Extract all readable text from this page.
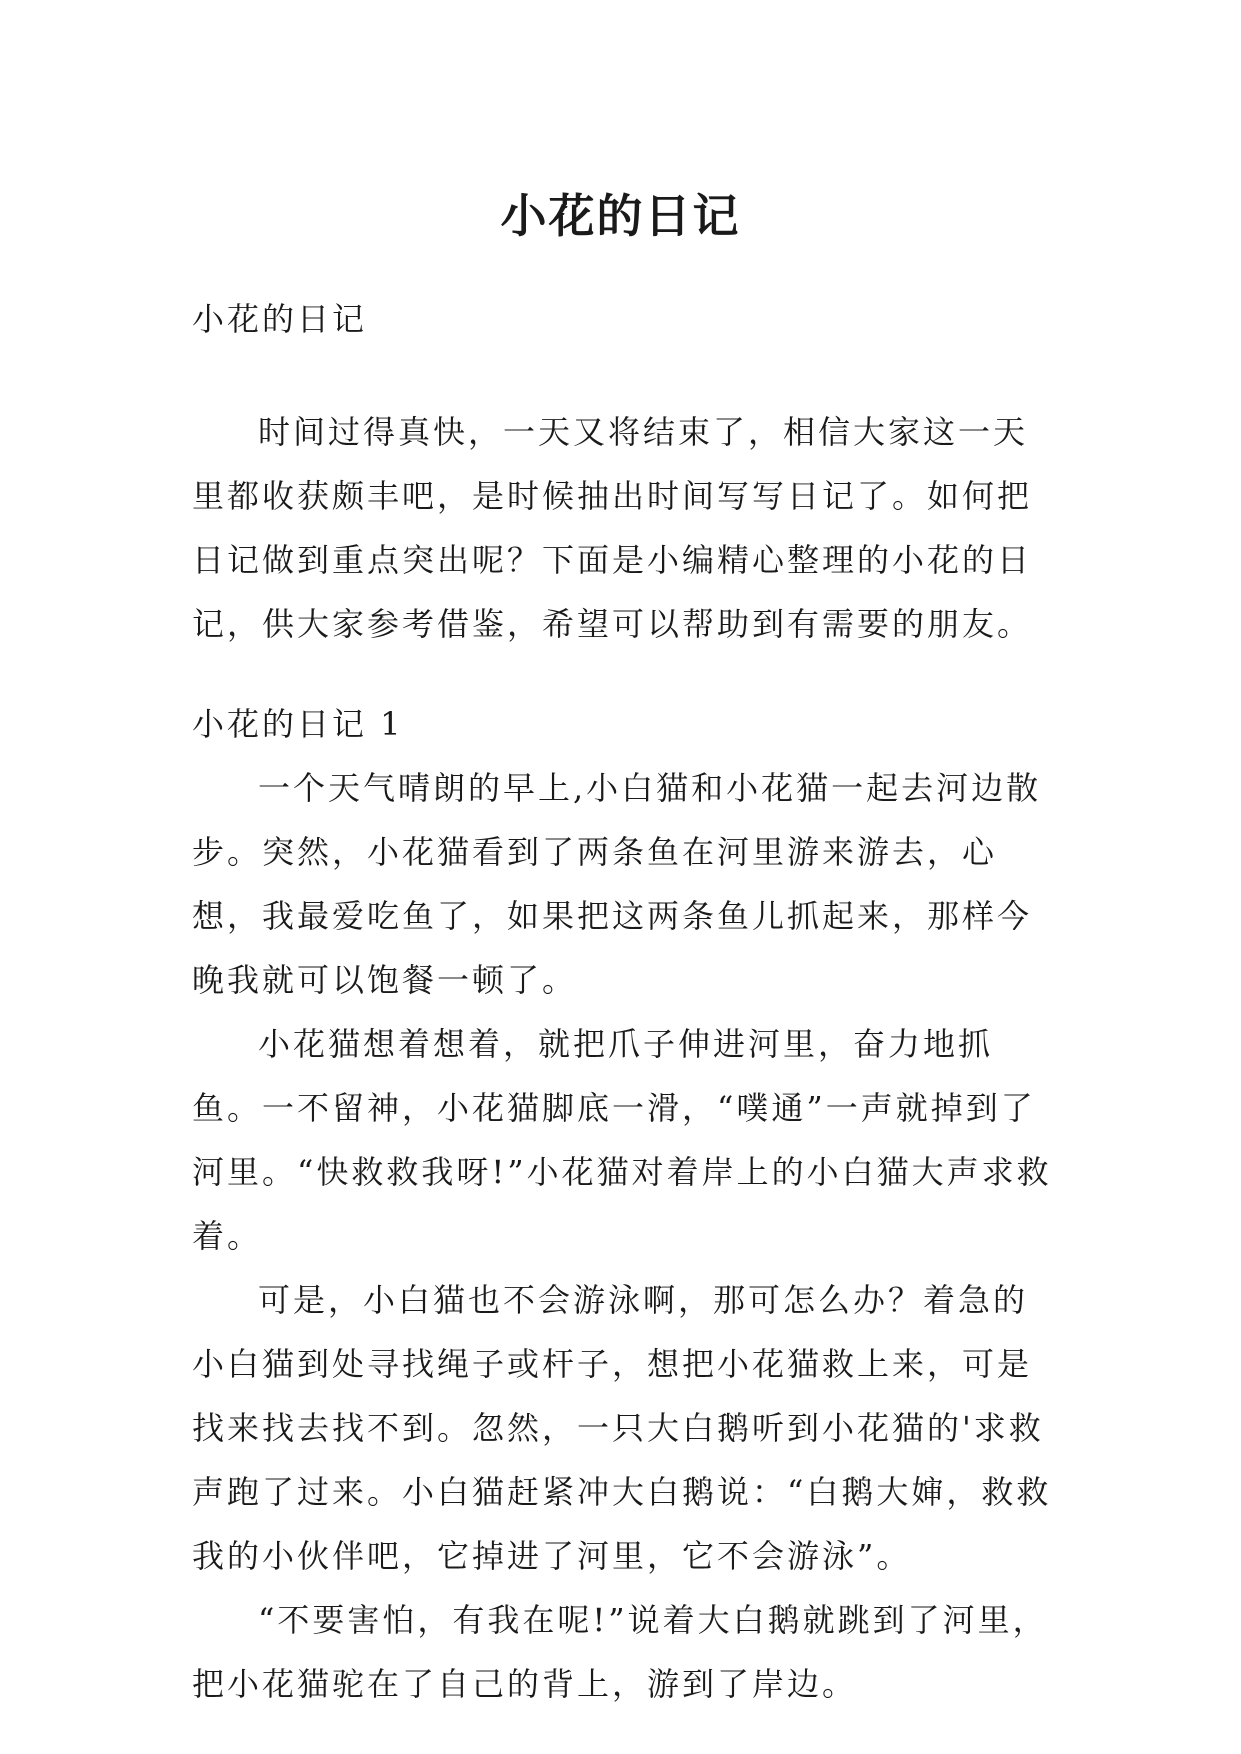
小花的日记

小花的日记

时间过得真快，一天又将结束了，相信大家这一天里都收获颇丰吧，是时候抽出时间写写日记了。如何把日记做到重点突出呢？下面是小编精心整理的小花的日记，供大家参考借鉴，希望可以帮助到有需要的朋友。

小花的日记 1

一个天气晴朗的早上,小白猫和小花猫一起去河边散步。突然，小花猫看到了两条鱼在河里游来游去，心想，我最爱吃鱼了，如果把这两条鱼儿抓起来，那样今晚我就可以饱餐一顿了。

小花猫想着想着，就把爪子伸进河里，奋力地抓鱼。一不留神，小花猫脚底一滑，“噗通”一声就掉到了河里。“快救救我呀!”小花猫对着岸上的小白猫大声求救着。

可是，小白猫也不会游泳啊，那可怎么办？着急的小白猫到处寻找绳子或杆子，想把小花猫救上来，可是找来找去找不到。忽然，一只大白鹅听到小花猫的'求救声跑了过来。小白猫赶紧冲大白鹅说：“白鹅大婶，救救我的小伙伴吧，它掉进了河里，它不会游泳”。

“不要害怕，有我在呢!”说着大白鹅就跳到了河里，把小花猫驼在了自己的背上，游到了岸边。
